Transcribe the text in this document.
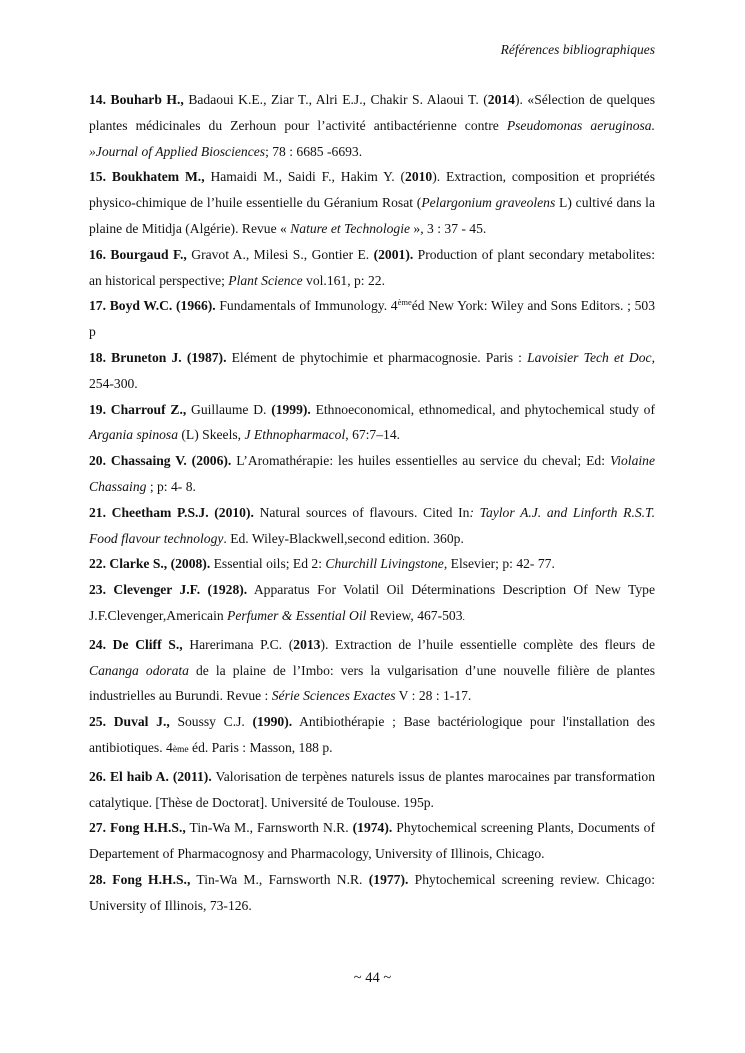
Références bibliographiques

14. Bouharb H., Badaoui K.E., Ziar T., Alri E.J., Chakir S. Alaoui T. (2014). «Sélection de quelques plantes médicinales du Zerhoun pour l’activité antibactérienne contre Pseudomonas aeruginosa. »Journal of Applied Biosciences; 78 : 6685 -6693.

15. Boukhatem M., Hamaidi M., Saidi F., Hakim Y. (2010). Extraction, composition et propriétés physico-chimique de l’huile essentielle du Géranium Rosat (Pelargonium graveolens L) cultivé dans la plaine de Mitidja (Algérie). Revue « Nature et Technologie », 3 : 37 - 45.

16. Bourgaud F., Gravot A., Milesi S., Gontier E. (2001). Production of plant secondary metabolites: an historical perspective; Plant Science vol.161, p: 22.

17. Boyd W.C. (1966). Fundamentals of Immunology. 4èmeéd New York: Wiley and Sons Editors. ; 503 p

18. Bruneton J. (1987). Elément de phytochimie et pharmacognosie. Paris : Lavoisier Tech et Doc, 254-300.

19. Charrouf Z., Guillaume D. (1999). Ethnoeconomical, ethnomedical, and phytochemical study of Argania spinosa (L) Skeels, J Ethnopharmacol, 67:7–14.

20. Chassaing V. (2006). L’Aromathérapie: les huiles essentielles au service du cheval; Ed: Violaine Chassaing ; p: 4- 8.

21. Cheetham P.S.J. (2010). Natural sources of flavours. Cited In: Taylor A.J. and Linforth R.S.T. Food flavour technology. Ed. Wiley-Blackwell,second edition. 360p.

22. Clarke S., (2008). Essential oils; Ed 2: Churchill Livingstone, Elsevier; p: 42- 77.

23. Clevenger J.F. (1928). Apparatus For Volatil Oil Déterminations Description Of New Type J.F.Clevenger,Americain Perfumer & Essential Oil Review, 467-503.

24. De Cliff S., Harerimana P.C. (2013). Extraction de l’huile essentielle complète des fleurs de Cananga odorata de la plaine de l’Imbo: vers la vulgarisation d’une nouvelle filière de plantes industrielles au Burundi. Revue : Série Sciences Exactes V : 28 : 1-17.

25. Duval J., Soussy C.J. (1990). Antibiothérapie ; Base bactériologique pour l'installation des antibiotiques. 4ème éd. Paris : Masson, 188 p.

26. El haib A. (2011). Valorisation de terpènes naturels issus de plantes marocaines par transformation catalytique. [Thèse de Doctorat]. Université de Toulouse. 195p.

27. Fong H.H.S., Tin-Wa M., Farnsworth N.R. (1974). Phytochemical screening Plants, Documents of Departement of Pharmacognosy and Pharmacology, University of Illinois, Chicago.

28. Fong H.H.S., Tin-Wa M., Farnsworth N.R. (1977). Phytochemical screening review. Chicago: University of Illinois, 73-126.

~ 44 ~
